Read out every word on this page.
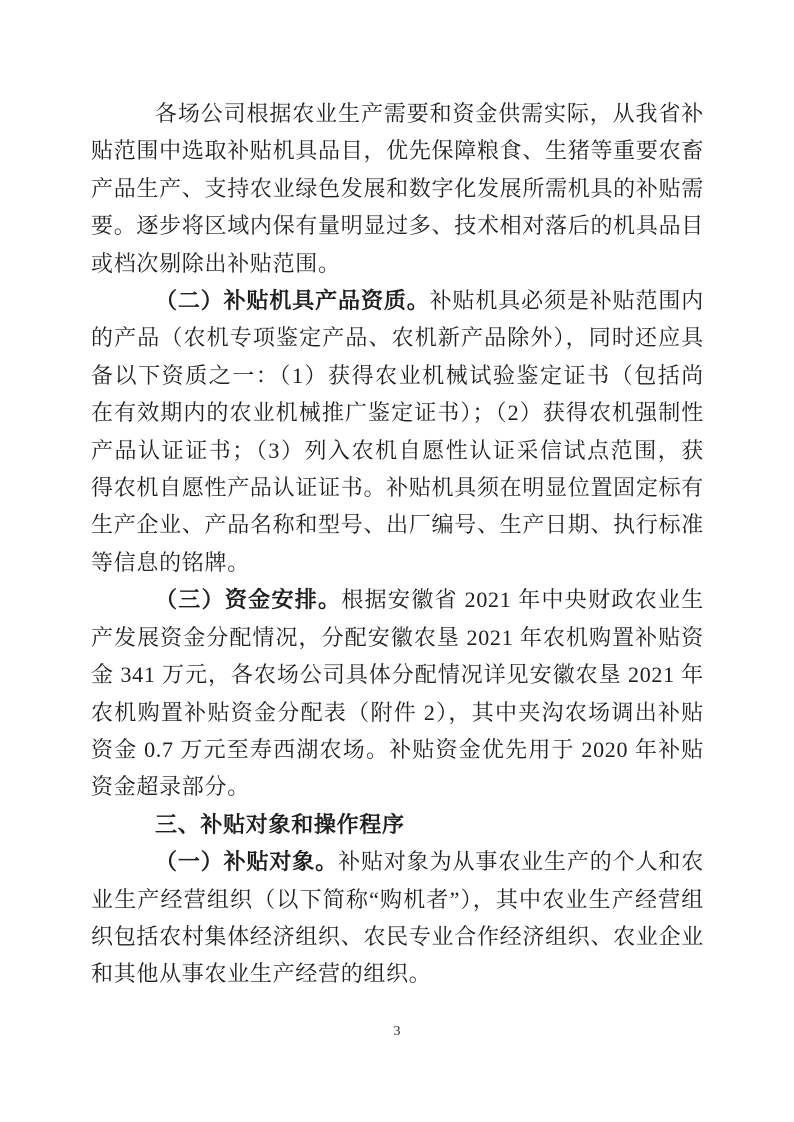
各场公司根据农业生产需要和资金供需实际，从我省补贴范围中选取补贴机具品目，优先保障粮食、生猪等重要农畜产品生产、支持农业绿色发展和数字化发展所需机具的补贴需要。逐步将区域内保有量明显过多、技术相对落后的机具品目或档次剔除出补贴范围。

（二）补贴机具产品资质。补贴机具必须是补贴范围内的产品（农机专项鉴定产品、农机新产品除外），同时还应具备以下资质之一：（1）获得农业机械试验鉴定证书（包括尚在有效期内的农业机械推广鉴定证书）；（2）获得农机强制性产品认证证书；（3）列入农机自愿性认证采信试点范围，获得农机自愿性产品认证证书。补贴机具须在明显位置固定标有生产企业、产品名称和型号、出厂编号、生产日期、执行标准等信息的铭牌。

（三）资金安排。根据安徽省 2021 年中央财政农业生产发展资金分配情况，分配安徽农垦 2021 年农机购置补贴资金 341 万元，各农场公司具体分配情况详见安徽农垦 2021 年农机购置补贴资金分配表（附件 2），其中夹沟农场调出补贴资金 0.7 万元至寿西湖农场。补贴资金优先用于 2020 年补贴资金超录部分。

三、补贴对象和操作程序

（一）补贴对象。补贴对象为从事农业生产的个人和农业生产经营组织（以下简称“购机者”），其中农业生产经营组织包括农村集体经济组织、农民专业合作经济组织、农业企业和其他从事农业生产经营的组织。

3
